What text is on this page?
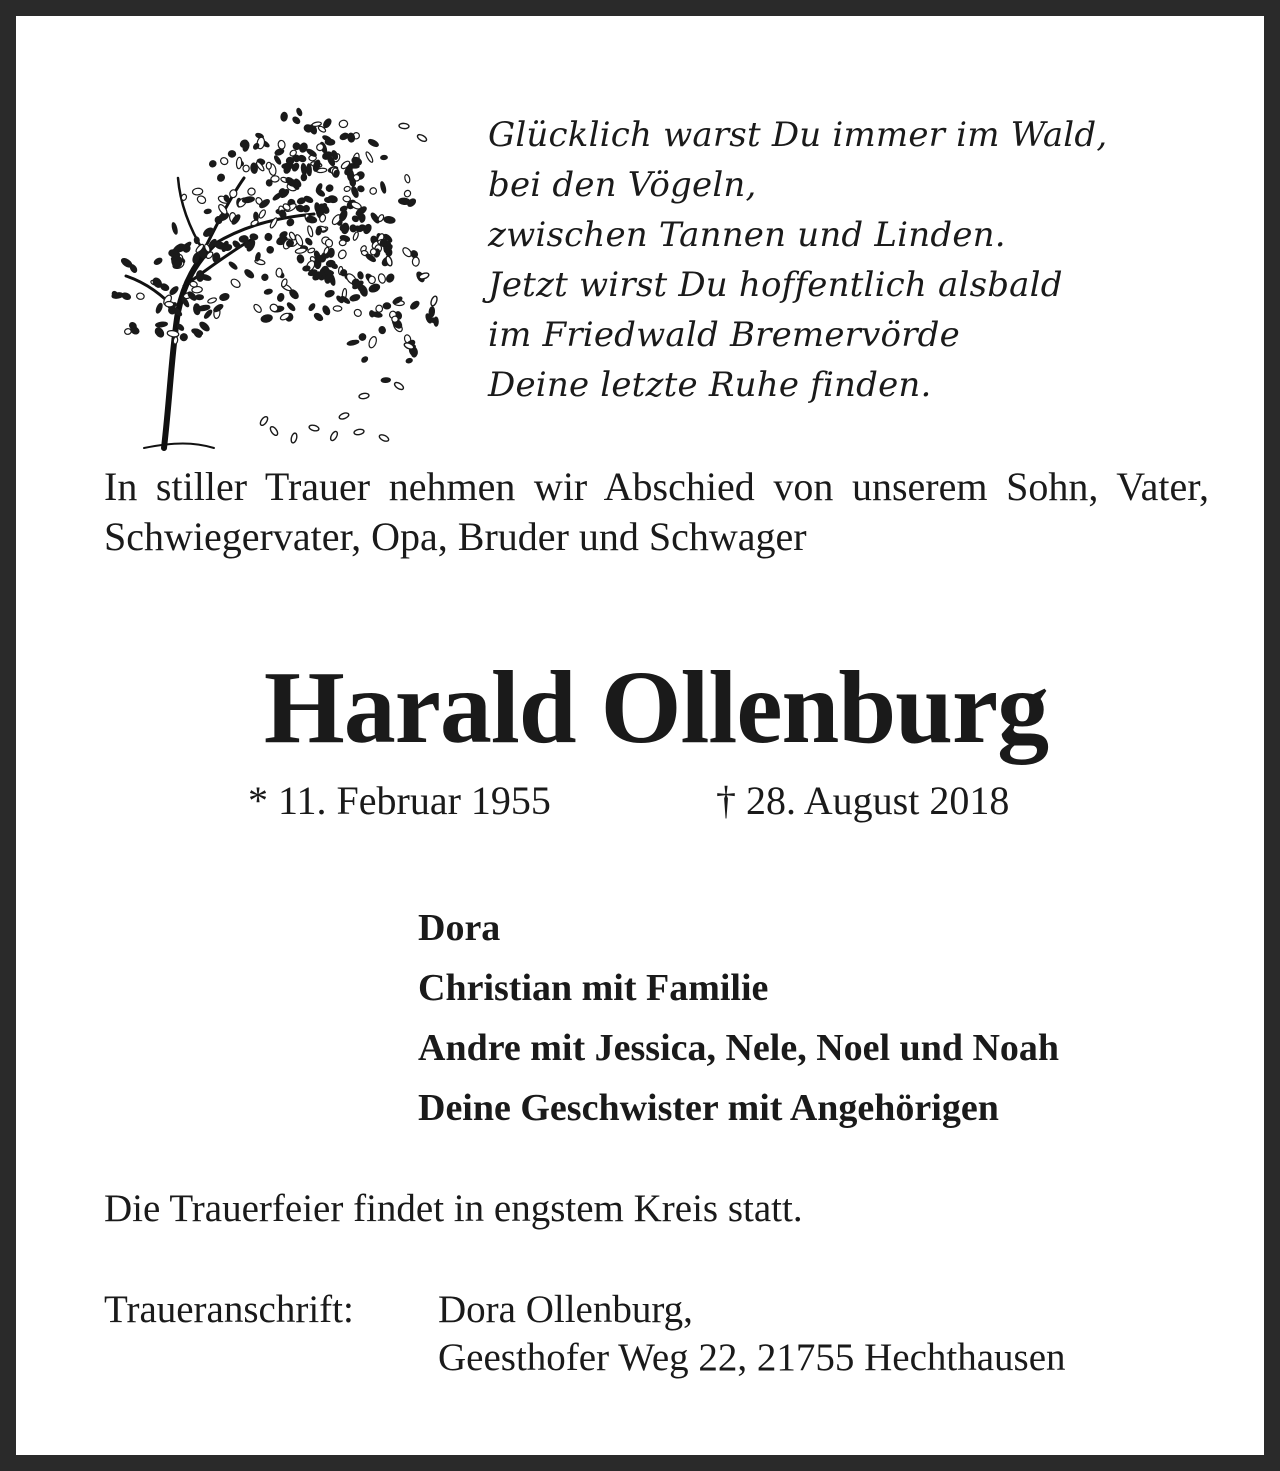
Glücklich warst Du immer im Wald,
bei den Vögeln,
zwischen Tannen und Linden.
Jetzt wirst Du hoffentlich alsbald
im Friedwald Bremervörde
Deine letzte Ruhe finden.
In stiller Trauer nehmen wir Abschied von unserem Sohn, Vater, Schwiegervater, Opa, Bruder und Schwager
Harald Ollenburg
* 11. Februar 1955	† 28. August 2018
Dora
Christian mit Familie
Andre mit Jessica, Nele, Noel und Noah
Deine Geschwister mit Angehörigen
Die Trauerfeier findet in engstem Kreis statt.
Traueranschrift: Dora Ollenburg,
Geesthofer Weg 22, 21755 Hechthausen
